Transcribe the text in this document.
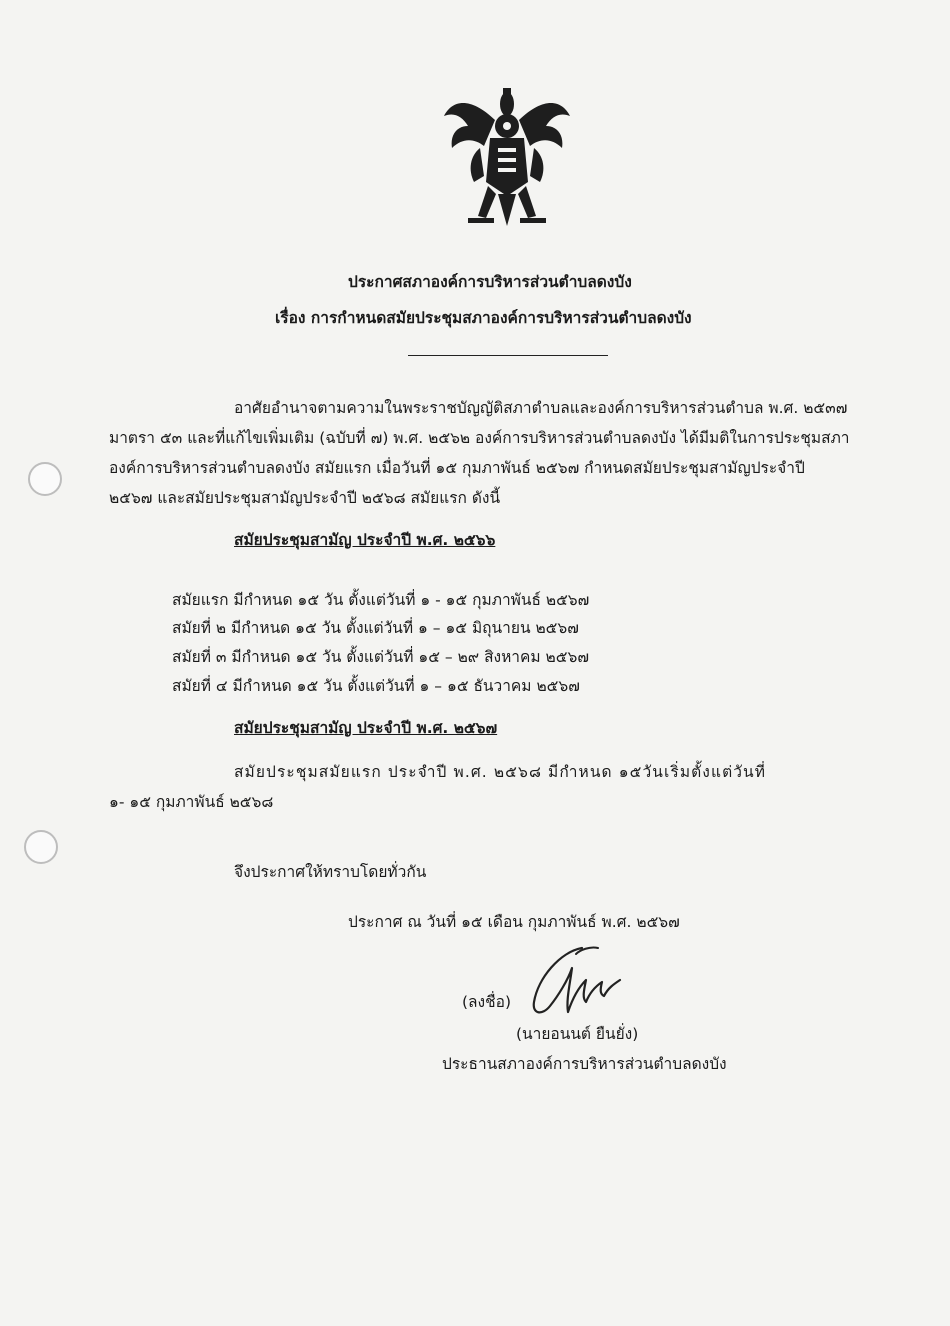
ประกาศสภาองค์การบริหารส่วนตำบลดงบัง
เรื่อง การกำหนดสมัยประชุมสภาองค์การบริหารส่วนตำบลดงบัง
อาศัยอำนาจตามความในพระราชบัญญัติสภาตำบลและองค์การบริหารส่วนตำบล พ.ศ. ๒๕๓๗
มาตรา ๕๓ และที่แก้ไขเพิ่มเติม (ฉบับที่ ๗) พ.ศ. ๒๕๖๒ องค์การบริหารส่วนตำบลดงบัง ได้มีมติในการประชุมสภา
องค์การบริหารส่วนตำบลดงบัง สมัยแรก เมื่อวันที่ ๑๕ กุมภาพันธ์ ๒๕๖๗ กำหนดสมัยประชุมสามัญประจำปี
๒๕๖๗ และสมัยประชุมสามัญประจำปี ๒๕๖๘ สมัยแรก ดังนี้
สมัยประชุมสามัญ ประจำปี พ.ศ. ๒๕๖๖
สมัยแรก มีกำหนด ๑๕ วัน ตั้งแต่วันที่ ๑ - ๑๕ กุมภาพันธ์ ๒๕๖๗
สมัยที่ ๒ มีกำหนด ๑๕ วัน ตั้งแต่วันที่ ๑ – ๑๕ มิถุนายน ๒๕๖๗
สมัยที่ ๓ มีกำหนด ๑๕ วัน ตั้งแต่วันที่ ๑๕ – ๒๙ สิงหาคม ๒๕๖๗
สมัยที่ ๔ มีกำหนด ๑๕ วัน ตั้งแต่วันที่ ๑ – ๑๕ ธันวาคม ๒๕๖๗
สมัยประชุมสามัญ ประจำปี พ.ศ. ๒๕๖๗
สมัยประชุมสมัยแรก ประจำปี พ.ศ. ๒๕๖๘ มีกำหนด ๑๕วันเริ่มตั้งแต่วันที่
๑- ๑๕ กุมภาพันธ์ ๒๕๖๘
จึงประกาศให้ทราบโดยทั่วกัน
ประกาศ ณ วันที่ ๑๕ เดือน กุมภาพันธ์ พ.ศ. ๒๕๖๗
(ลงชื่อ)
(นายอนนต์ ยืนยั่ง)
ประธานสภาองค์การบริหารส่วนตำบลดงบัง
